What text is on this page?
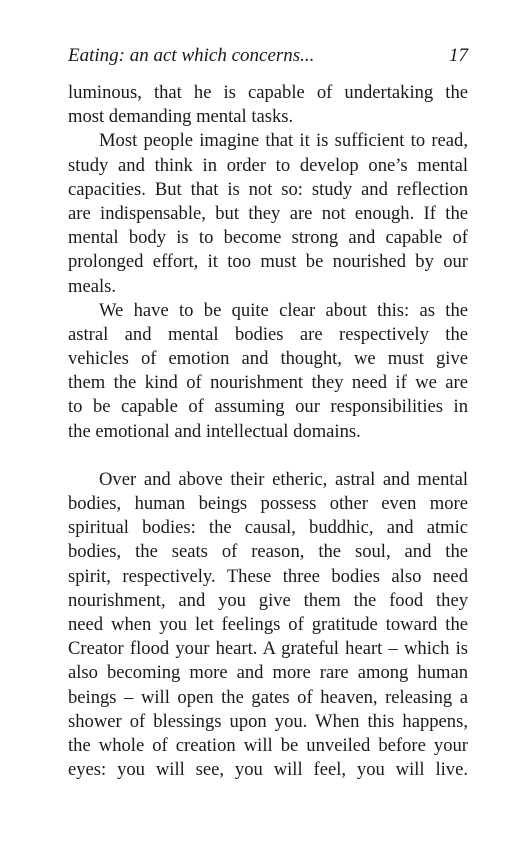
Eating: an act which concerns...	17
luminous, that he is capable of undertaking the
most demanding mental tasks.
Most people imagine that it is sufficient to read,
study and think in order to develop one’s mental
capacities. But that is not so: study and reflection
are indispensable, but they are not enough. If the
mental body is to become strong and capable of
prolonged effort, it too must be nourished by our
meals.
We have to be quite clear about this: as the
astral and mental bodies are respectively the
vehicles of emotion and thought, we must give
them the kind of nourishment they need if we are
to be capable of assuming our responsibilities in
the emotional and intellectual domains.
Over and above their etheric, astral and mental
bodies, human beings possess other even more
spiritual bodies: the causal, buddhic, and atmic
bodies, the seats of reason, the soul, and the
spirit, respectively. These three bodies also need
nourishment, and you give them the food they
need when you let feelings of gratitude toward the
Creator flood your heart. A grateful heart – which is
also becoming more and more rare among human
beings – will open the gates of heaven, releasing a
shower of blessings upon you. When this happens,
the whole of creation will be unveiled before your
eyes: you will see, you will feel, you will live.
